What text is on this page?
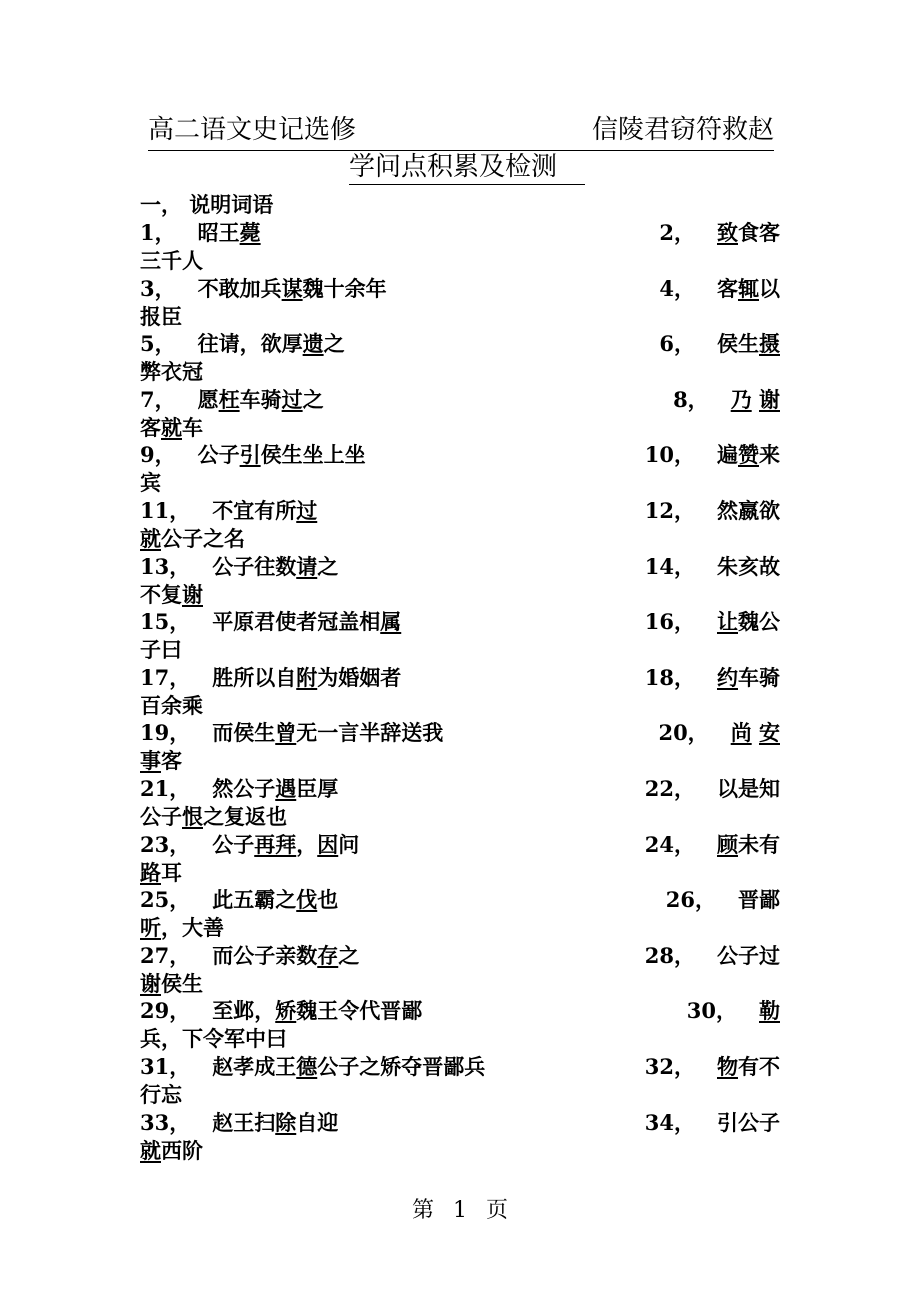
高二语文史记选修	信陵君窃符救赵
学问点积累及检测
一， 说明词语
1， 昭王薨	2， 致食客
三千人
3， 不敢加兵谋魏十余年	4， 客辄以
报臣
5， 往请，欲厚遗之	6， 侯生摄
弊衣冠
7， 愿枉车骑过之	8， 乃 谢
客就车
9， 公子引侯生坐上坐	10， 遍赞来
宾
11， 不宜有所过	12， 然嬴欲
就公子之名
13， 公子往数请之	14， 朱亥故
不复谢
15， 平原君使者冠盖相属	16， 让魏公
子曰
17， 胜所以自附为婚姻者	18， 约车骑
百余乘
19， 而侯生曾无一言半辞送我	20， 尚 安
事客
21， 然公子遇臣厚	22， 以是知
公子恨之复返也
23， 公子再拜，因问	24， 顾未有
路耳
25， 此五霸之伐也	26， 晋鄙
听，大善
27， 而公子亲数存之	28， 公子过
谢侯生
29， 至邺，矫魏王令代晋鄙	30， 勒
兵，下令军中曰
31， 赵孝成王德公子之矫夺晋鄙兵	32， 物有不
行忘
33， 赵王扫除自迎	34， 引公子
就西阶
第 1 页
